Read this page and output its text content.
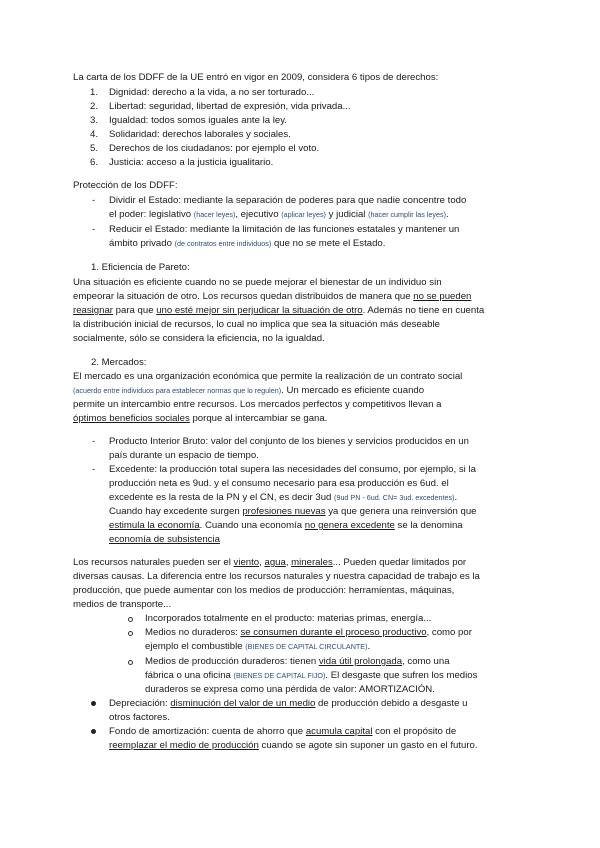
La carta de los DDFF de la UE entró en vigor en 2009, considera 6 tipos de derechos:
1. Dignidad: derecho a la vida, a no ser torturado...
2. Libertad: seguridad, libertad de expresión, vida privada...
3. Igualdad: todos somos iguales ante la ley.
4. Solidaridad: derechos laborales y sociales.
5. Derechos de los ciudadanos: por ejemplo el voto.
6. Justicia: acceso a la justicia igualitario.
Protección de los DDFF:
- Dividir el Estado: mediante la separación de poderes para que nadie concentre todo
el poder: legislativo (hacer leyes), ejecutivo (aplicar leyes) y judicial (hacer cumplir las leyes).
- Reducir el Estado: mediante la limitación de las funciones estatales y mantener un
ámbito privado (de contratos entre individuos) que no se mete el Estado.
1. Eficiencia de Pareto:
Una situación es eficiente cuando no se puede mejorar el bienestar de un individuo sin
empeorar la situación de otro. Los recursos quedan distribuidos de manera que no se pueden
reasignar para que uno esté mejor sin perjudicar la situación de otro. Además no tiene en cuenta
la distribución inicial de recursos, lo cual no implica que sea la situación más deseable
socialmente, sólo se considera la eficiencia, no la igualdad.
2. Mercados:
El mercado es una organización económica que permite la realización de un contrato social
(acuerdo entre individuos para establecer normas que lo regulen). Un mercado es eficiente cuando
permite un intercambio entre recursos. Los mercados perfectos y competitivos llevan a
óptimos beneficios sociales porque al intercambiar se gana.
- Producto Interior Bruto: valor del conjunto de los bienes y servicios producidos en un
país durante un espacio de tiempo.
- Excedente: la producción total supera las necesidades del consumo, por ejemplo, si la
producción neta es 9ud. y el consumo necesario para esa producción es 6ud. el
excedente es la resta de la PN y el CN, es decir 3ud (9ud PN - 6ud. CN= 3ud. excedentes).
Cuando hay excedente surgen profesiones nuevas ya que genera una reinversión que
estimula la economía. Cuando una economía no genera excedente se la denomina
economía de subsistencia
Los recursos naturales pueden ser el viento, agua, minerales... Pueden quedar limitados por
diversas causas. La diferencia entre los recursos naturales y nuestra capacidad de trabajo es la
producción, que puede aumentar con los medios de producción: herramientas, máquinas,
medios de transporte...
Incorporados totalmente en el producto: materias primas, energía...
Medios no duraderos: se consumen durante el proceso productivo, como por
ejemplo el combustible (BIENES DE CAPITAL CIRCULANTE).
Medios de producción duraderos: tienen vida útil prolongada, como una
fábrica o una oficina (BIENES DE CAPITAL FIJO). El desgaste que sufren los medios
duraderos se expresa como una pérdida de valor: AMORTIZACIÓN.
Depreciación: disminución del valor de un medio de producción debido a desgaste u
otros factores.
Fondo de amortización: cuenta de ahorro que acumula capital con el propósito de
reemplazar el medio de producción cuando se agote sin suponer un gasto en el futuro.
